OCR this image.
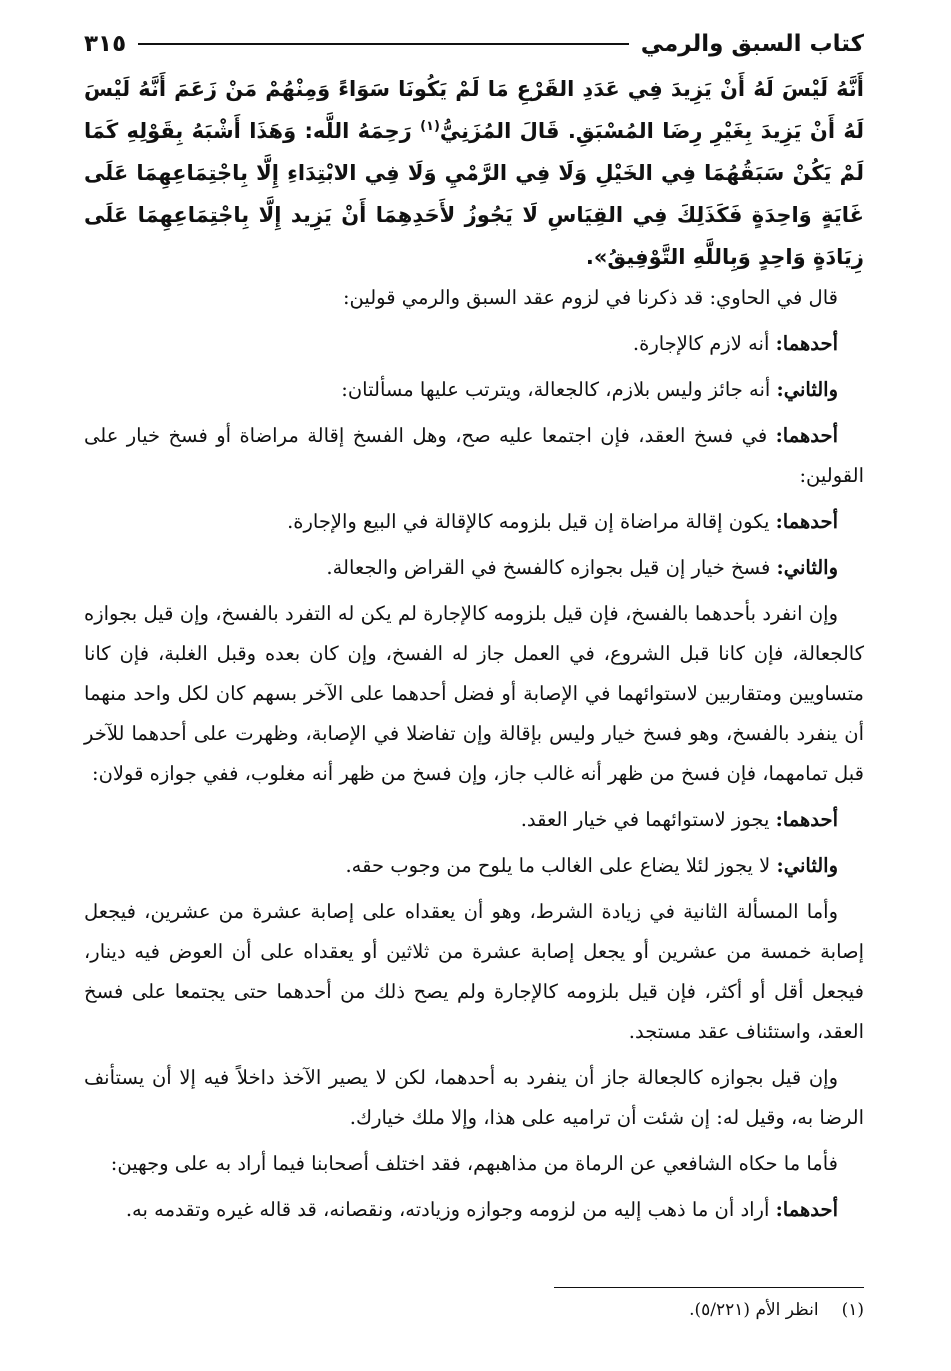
كتاب السبق والرمي
٣١٥
أَنَّهُ لَيْسَ لَهُ أَنْ يَزِيدَ فِي عَدَدِ القَرْعِ مَا لَمْ يَكُونَا سَوَاءً وَمِنْهُمْ مَنْ زَعَمَ أَنَّهُ لَيْسَ لَهُ أَنْ يَزِيدَ بِغَيْرِ رِضَا المُسْبَقِ. قَالَ المُزَنِيُّ$^{(١)}$ رَحِمَهُ اللَّه: وَهَذَا أَشْبَهُ بِقَوْلِهِ كَمَا لَمْ يَكُنْ سَبَقُهُمَا فِي الخَيْلِ وَلَا فِي الرَّمْيِ وَلَا فِي الابْتِدَاءِ إِلَّا بِاجْتِمَاعِهِمَا عَلَى غَايَةٍ وَاحِدَةٍ فَكَذَلِكَ فِي القِيَاسِ لَا يَجُوزُ لأَحَدِهِمَا أَنْ يَزِيد إِلَّا بِاجْتِمَاعِهِمَا عَلَى زِيَادَةٍ وَاحِدٍ وَبِاللَّهِ التَّوْفِيقُ».

قال في الحاوي: قد ذكرنا في لزوم عقد السبق والرمي قولين:

أحدهما: أنه لازم كالإجارة.

والثاني: أنه جائز وليس بلازم، كالجعالة، ويترتب عليها مسألتان:

أحدهما: في فسخ العقد، فإن اجتمعا عليه صح، وهل الفسخ إقالة مراضاة أو فسخ خيار على القولين:

أحدهما: يكون إقالة مراضاة إن قيل بلزومه كالإقالة في البيع والإجارة.

والثاني: فسخ خيار إن قيل بجوازه كالفسخ في القراض والجعالة.

وإن انفرد بأحدهما بالفسخ، فإن قيل بلزومه كالإجارة لم يكن له التفرد بالفسخ، وإن قيل بجوازه كالجعالة، فإن كانا قبل الشروع، في العمل جاز له الفسخ، وإن كان بعده وقبل الغلبة، فإن كانا متساويين ومتقاربين لاستوائهما في الإصابة أو فضل أحدهما على الآخر بسهم كان لكل واحد منهما أن ينفرد بالفسخ، وهو فسخ خيار وليس بإقالة وإن تفاضلا في الإصابة، وظهرت على أحدهما للآخر قبل تمامهما، فإن فسخ من ظهر أنه غالب جاز، وإن فسخ من ظهر أنه مغلوب، ففي جوازه قولان:

أحدهما: يجوز لاستوائهما في خيار العقد.

والثاني: لا يجوز لئلا يضاع على الغالب ما يلوح من وجوب حقه.

وأما المسألة الثانية في زيادة الشرط، وهو أن يعقداه على إصابة عشرة من عشرين، فيجعل إصابة خمسة من عشرين أو يجعل إصابة عشرة من ثلاثين أو يعقداه على أن العوض فيه دينار، فيجعل أقل أو أكثر، فإن قيل بلزومه كالإجارة ولم يصح ذلك من أحدهما حتى يجتمعا على فسخ العقد، واستئناف عقد مستجد.

وإن قيل بجوازه كالجعالة جاز أن ينفرد به أحدهما، لكن لا يصير الآخذ داخلاً فيه إلا أن يستأنف الرضا به، وقيل له: إن شئت أن تراميه على هذا، وإلا ملك خيارك.

فأما ما حكاه الشافعي عن الرماة من مذاهبهم، فقد اختلف أصحابنا فيما أراد به على وجهين:

أحدهما: أراد أن ما ذهب إليه من لزومه وجوازه وزيادته، ونقصانه، قد قاله غيره وتقدمه به.

(١) انظر الأم (٥/٢٢١).
